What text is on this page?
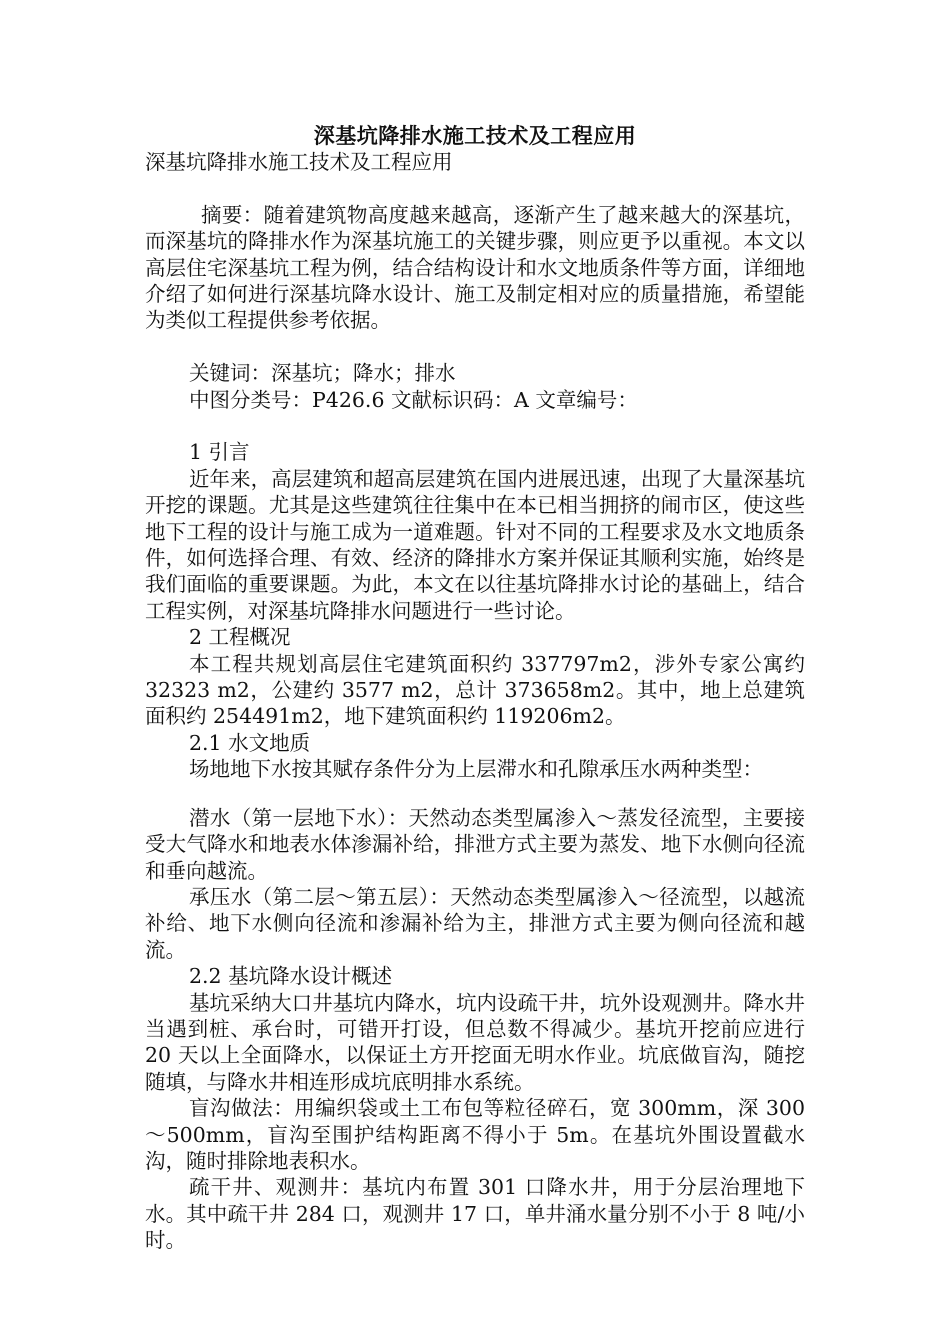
深基坑降排水施工技术及工程应用

深基坑降排水施工技术及工程应用

摘要：随着建筑物高度越来越高，逐渐产生了越来越大的深基坑，而深基坑的降排水作为深基坑施工的关键步骤，则应更予以重视。本文以高层住宅深基坑工程为例，结合结构设计和水文地质条件等方面，详细地介绍了如何进行深基坑降水设计、施工及制定相对应的质量措施，希望能为类似工程提供参考依据。

关键词：深基坑；降水；排水

中图分类号：P426.6 文献标识码：A 文章编号：

1 引言

近年来，高层建筑和超高层建筑在国内进展迅速，出现了大量深基坑开挖的课题。尤其是这些建筑往往集中在本已相当拥挤的闹市区，使这些地下工程的设计与施工成为一道难题。针对不同的工程要求及水文地质条件，如何选择合理、有效、经济的降排水方案并保证其顺利实施，始终是我们面临的重要课题。为此，本文在以往基坑降排水讨论的基础上，结合工程实例，对深基坑降排水问题进行一些讨论。

2 工程概况

本工程共规划高层住宅建筑面积约 337797m2，涉外专家公寓约 32323 m2，公建约 3577 m2，总计 373658m2。其中，地上总建筑面积约 254491m2，地下建筑面积约 119206m2。

2.1 水文地质

场地地下水按其赋存条件分为上层滞水和孔隙承压水两种类型：

潜水（第一层地下水）：天然动态类型属渗入～蒸发径流型，主要接受大气降水和地表水体渗漏补给，排泄方式主要为蒸发、地下水侧向径流和垂向越流。

承压水（第二层～第五层）：天然动态类型属渗入～径流型，以越流补给、地下水侧向径流和渗漏补给为主，排泄方式主要为侧向径流和越流。

2.2 基坑降水设计概述

基坑采纳大口井基坑内降水，坑内设疏干井，坑外设观测井。降水井当遇到桩、承台时，可错开打设，但总数不得减少。基坑开挖前应进行 20 天以上全面降水，以保证土方开挖面无明水作业。坑底做盲沟，随挖随填，与降水井相连形成坑底明排水系统。

盲沟做法：用编织袋或土工布包等粒径碎石，宽 300mm，深 300～500mm，盲沟至围护结构距离不得小于 5m。在基坑外围设置截水沟，随时排除地表积水。

疏干井、观测井：基坑内布置 301 口降水井，用于分层治理地下水。其中疏干井 284 口，观测井 17 口，单井涌水量分别不小于 8 吨/小时。
